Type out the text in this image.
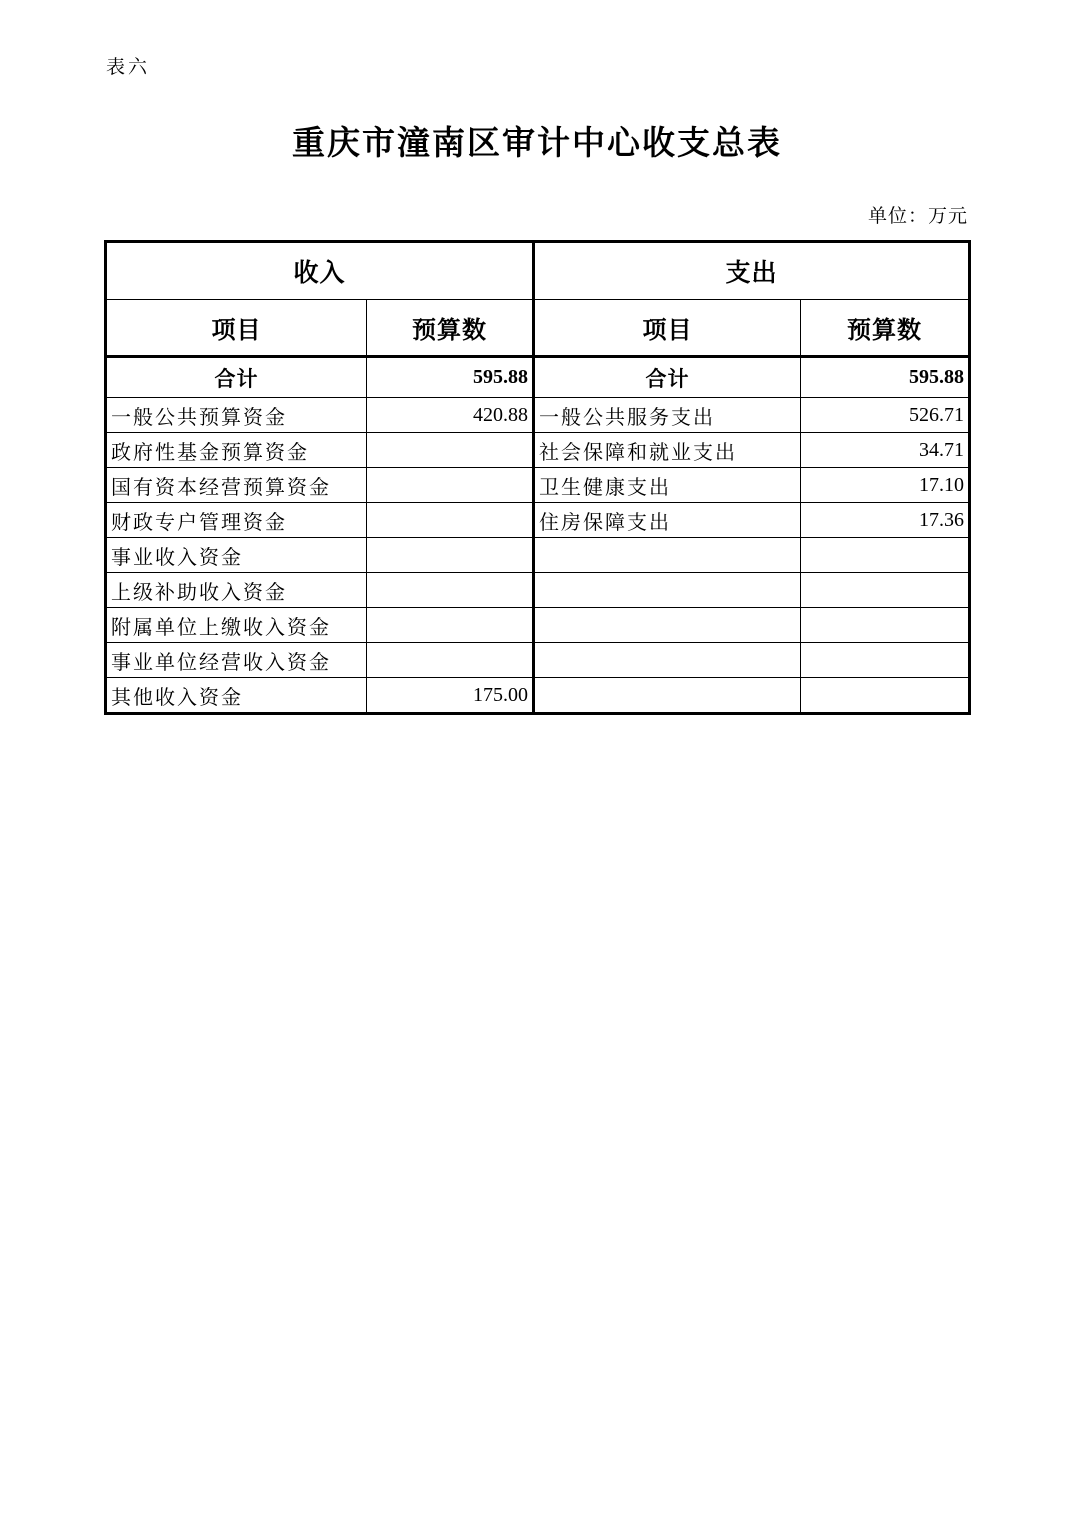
表六
重庆市潼南区审计中心收支总表
单位：万元
收入		支出	
项目	预算数	项目	预算数
合计	595.88	合计	595.88
一般公共预算资金	420.88	一般公共服务支出	526.71
政府性基金预算资金		社会保障和就业支出	34.71
国有资本经营预算资金		卫生健康支出	17.10
财政专户管理资金		住房保障支出	17.36
事业收入资金			
上级补助收入资金			
附属单位上缴收入资金			
事业单位经营收入资金			
其他收入资金	175.00		
